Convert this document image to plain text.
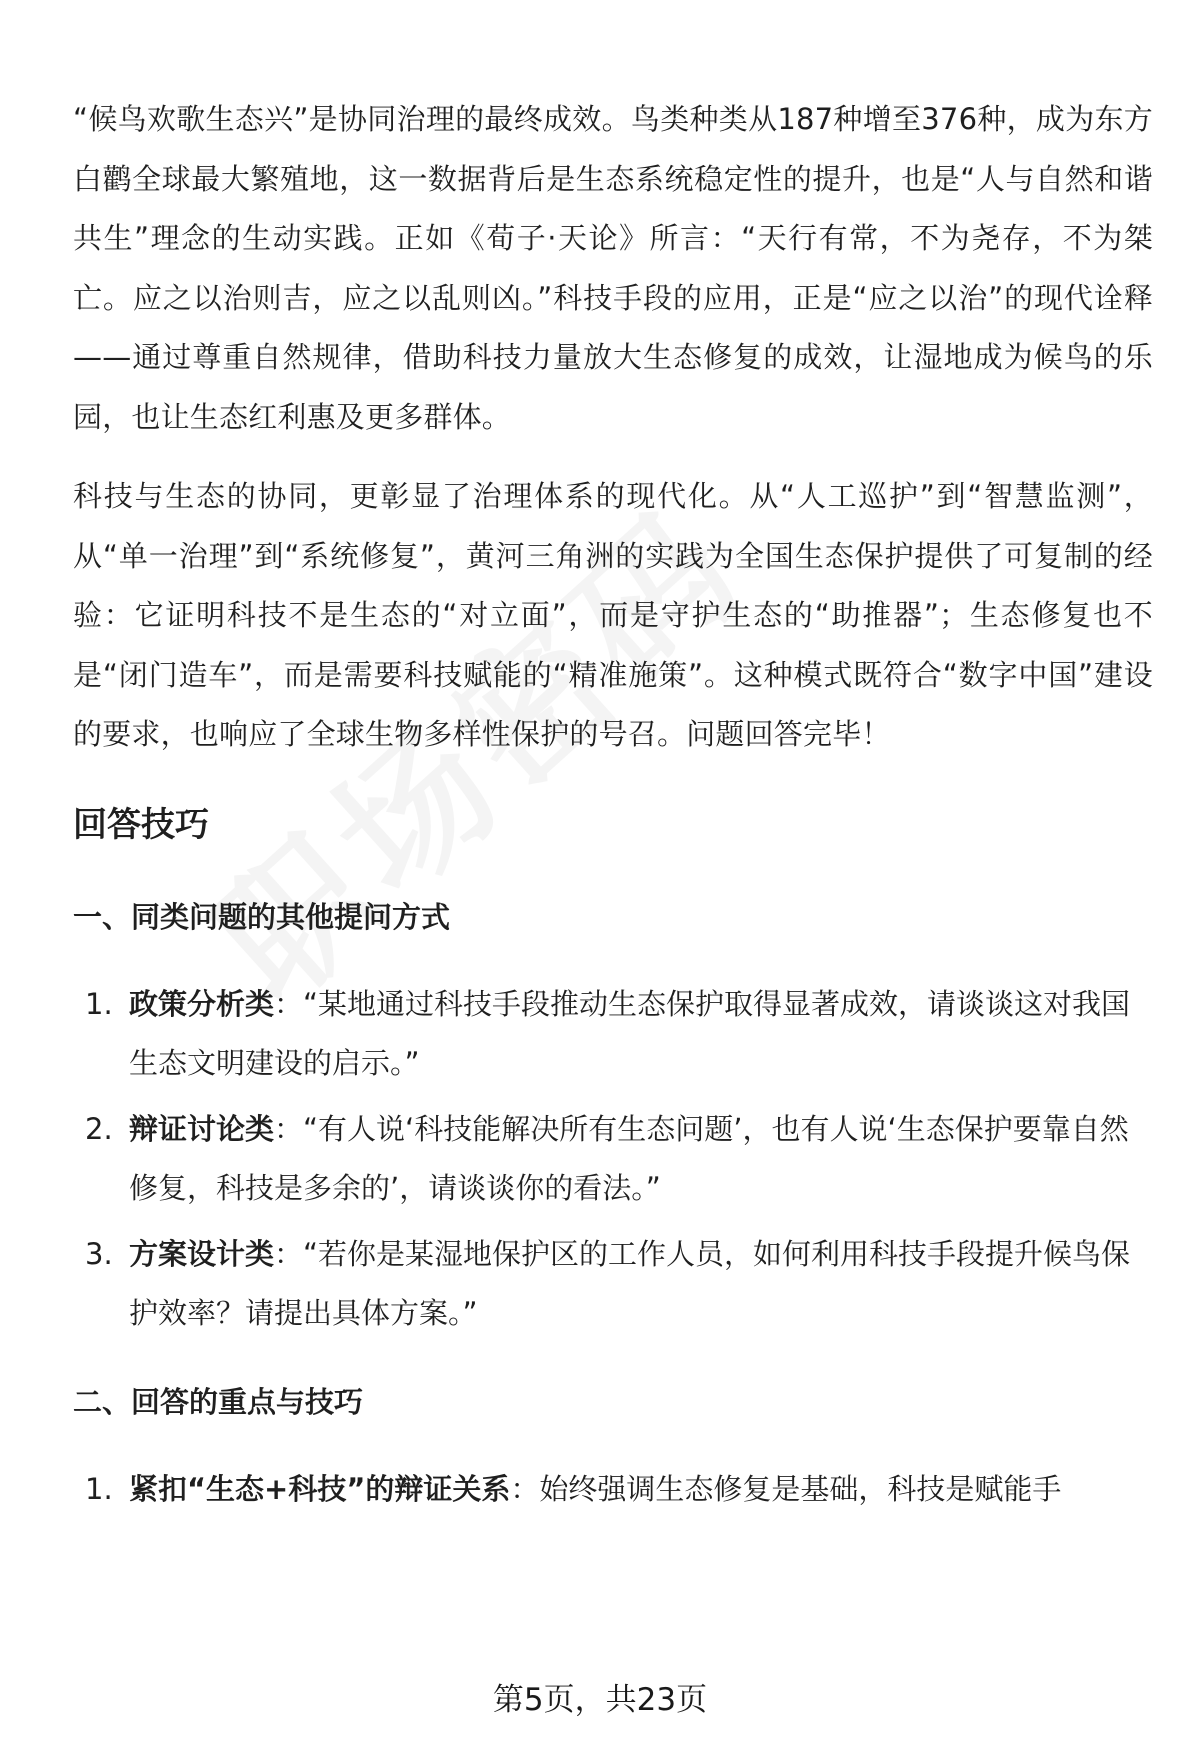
“候鸟欢歌生态兴”是协同治理的最终成效。鸟类种类从187种增至376种，成为东方白鹳全球最大繁殖地，这一数据背后是生态系统稳定性的提升，也是“人与自然和谐共生”理念的生动实践。正如《荀子·天论》所言：“天行有常，不为尧存，不为桀亡。应之以治则吉，应之以乱则凶。”科技手段的应用，正是“应之以治”的现代诠释——通过尊重自然规律，借助科技力量放大生态修复的成效，让湿地成为候鸟的乐园，也让生态红利惠及更多群体。

科技与生态的协同，更彰显了治理体系的现代化。从“人工巡护”到“智慧监测”，从“单一治理”到“系统修复”，黄河三角洲的实践为全国生态保护提供了可复制的经验：它证明科技不是生态的“对立面”，而是守护生态的“助推器”；生态修复也不是“闭门造车”，而是需要科技赋能的“精准施策”。这种模式既符合“数字中国”建设的要求，也响应了全球生物多样性保护的号召。问题回答完毕！

回答技巧
一、同类问题的其他提问方式
1. 政策分析类：“某地通过科技手段推动生态保护取得显著成效，请谈谈这对我国生态文明建设的启示。”
2. 辩证讨论类：“有人说‘科技能解决所有生态问题’，也有人说‘生态保护要靠自然修复，科技是多余的’，请谈谈你的看法。”
3. 方案设计类：“若你是某湿地保护区的工作人员，如何利用科技手段提升候鸟保护效率？请提出具体方案。”
二、回答的重点与技巧
1. 紧扣“生态+科技”的辩证关系：始终强调生态修复是基础，科技是赋能手
第5页，共23页
